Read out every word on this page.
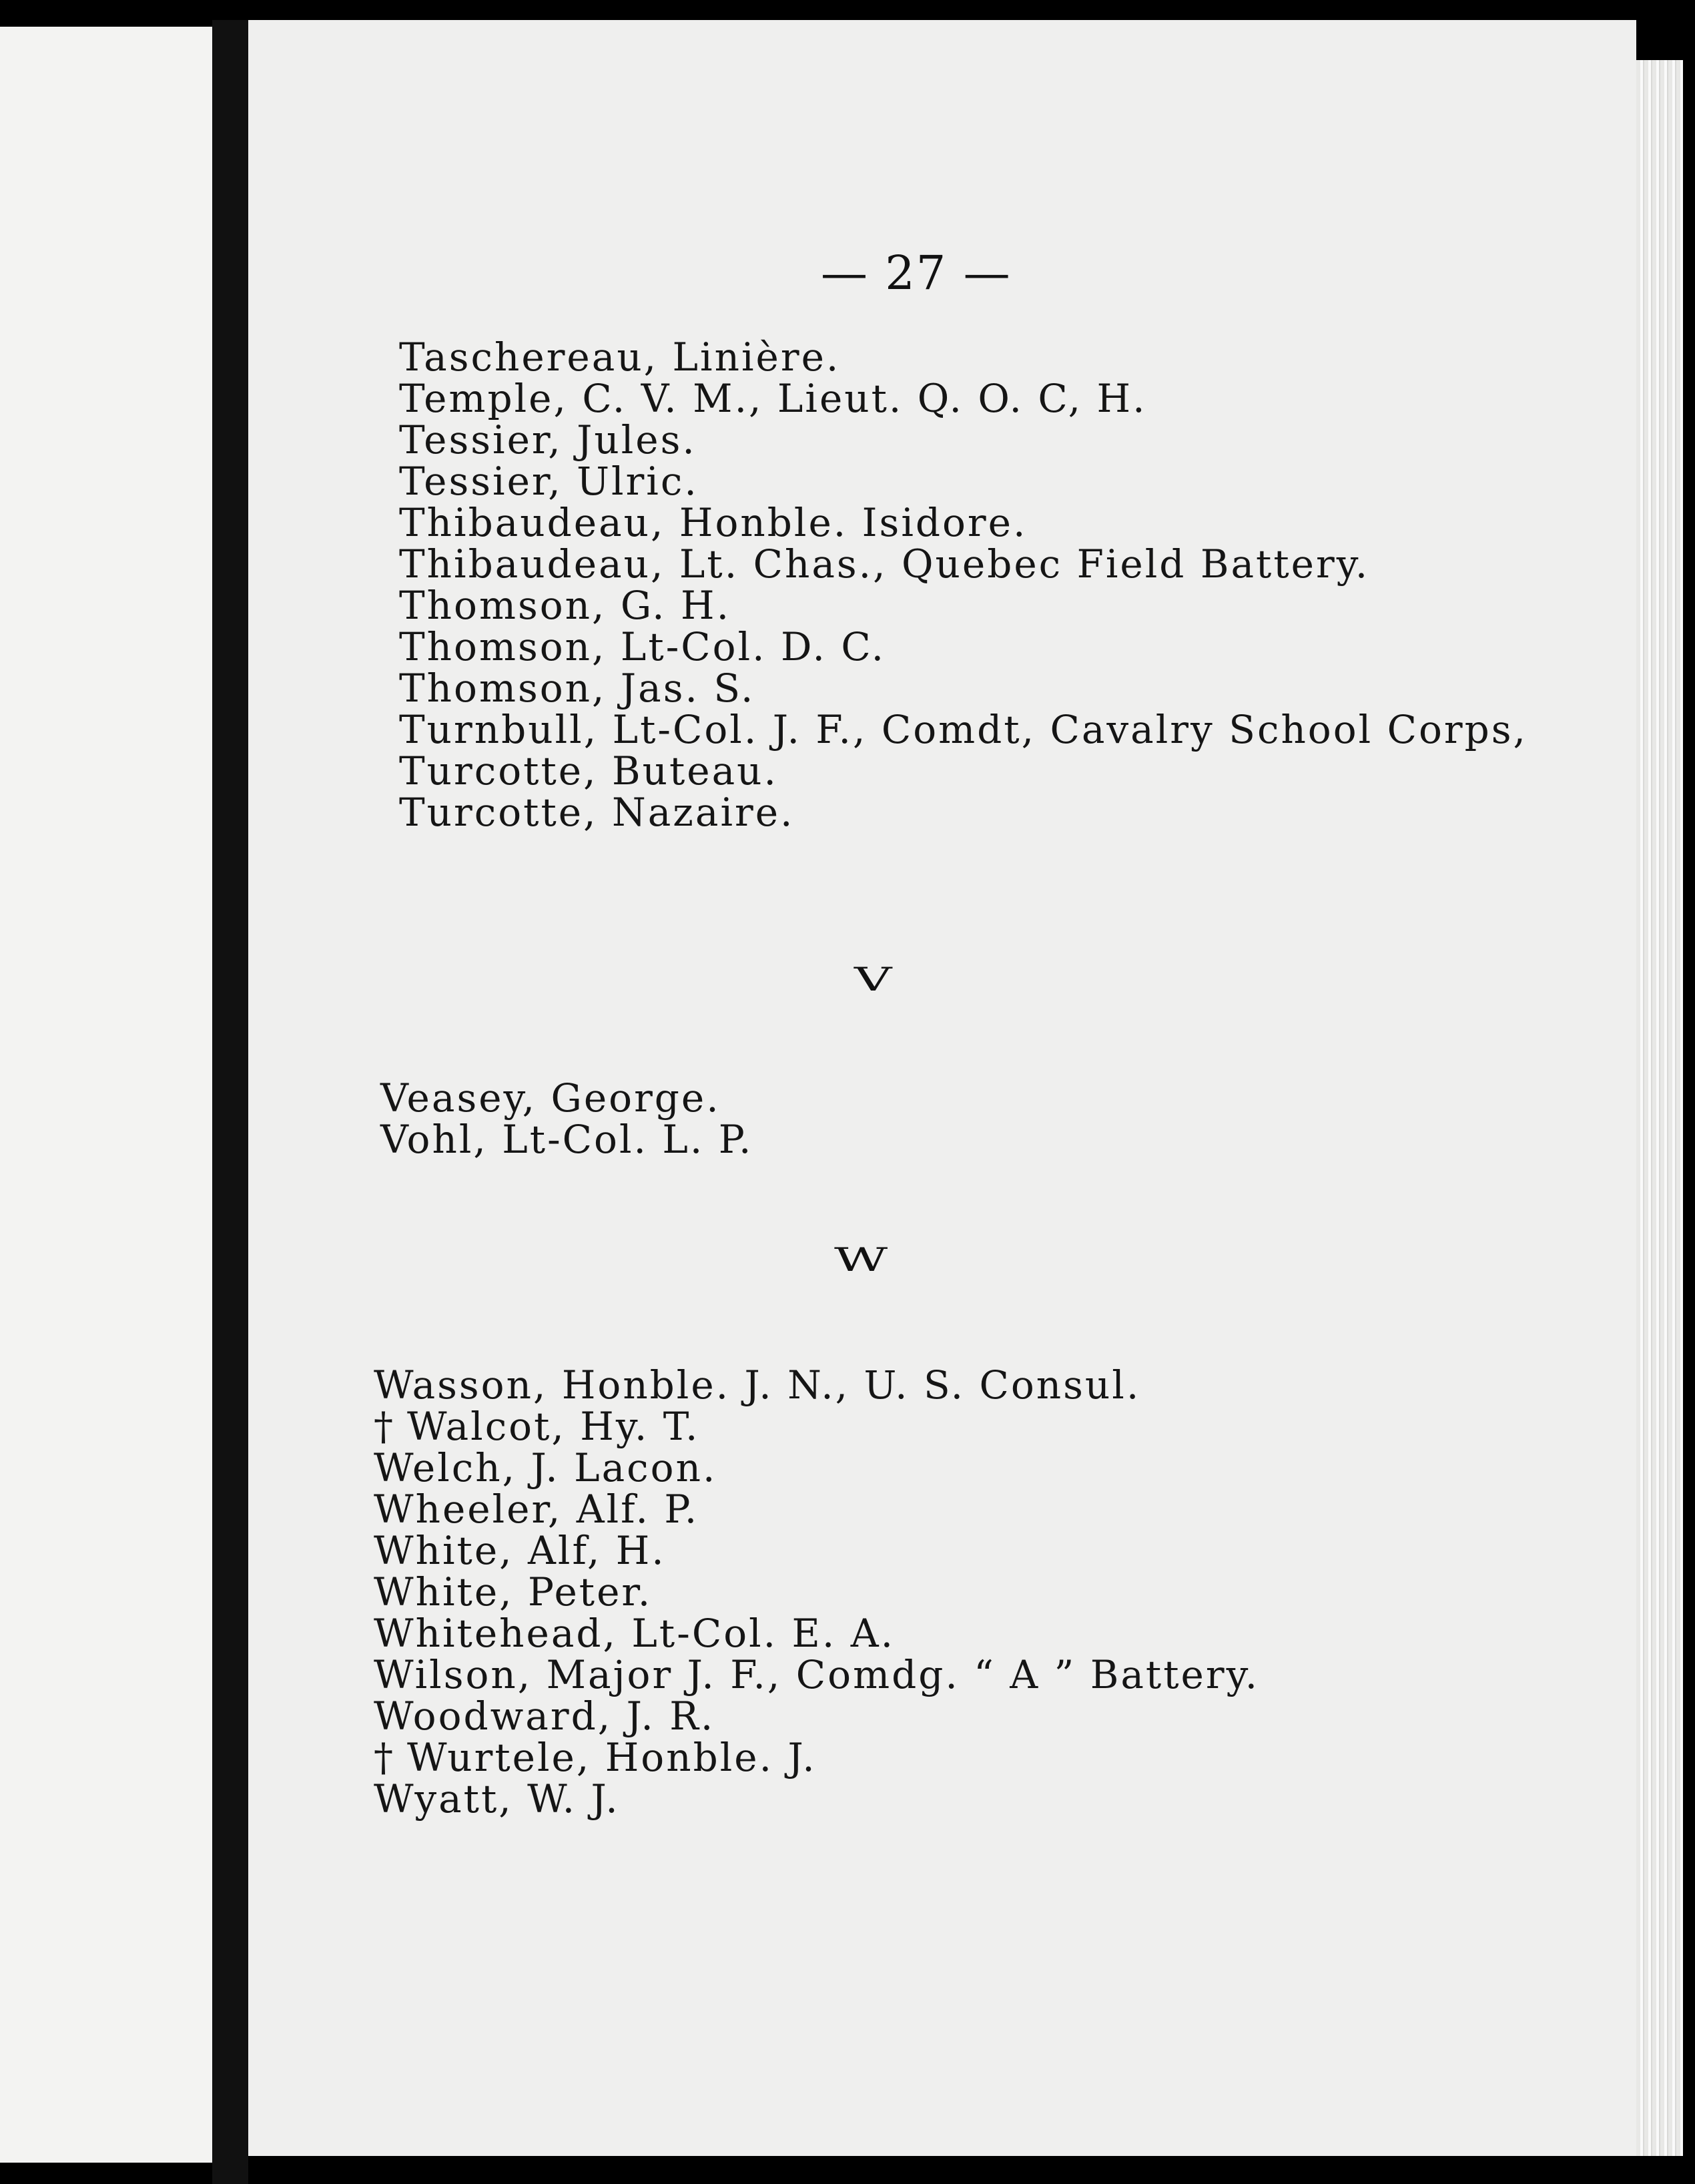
— 27 —
Taschereau, Linière.
Temple, C. V. M., Lieut. Q. O. C, H.
Tessier, Jules.
Tessier, Ulric.
Thibaudeau, Honble. Isidore.
Thibaudeau, Lt. Chas., Quebec Field Battery.
Thomson, G. H.
Thomson, Lt-Col. D. C.
Thomson, Jas. S.
Turnbull, Lt-Col. J. F., Comdt, Cavalry School Corps,
Turcotte, Buteau.
Turcotte, Nazaire.
V
Veasey, George.
Vohl, Lt-Col. L. P.
W
Wasson, Honble. J. N., U. S. Consul.
† Walcot, Hy. T.
Welch, J. Lacon.
Wheeler, Alf. P.
White, Alf, H.
White, Peter.
Whitehead, Lt-Col. E. A.
Wilson, Major J. F., Comdg. “ A ” Battery.
Woodward, J. R.
† Wurtele, Honble. J.
Wyatt, W. J.
